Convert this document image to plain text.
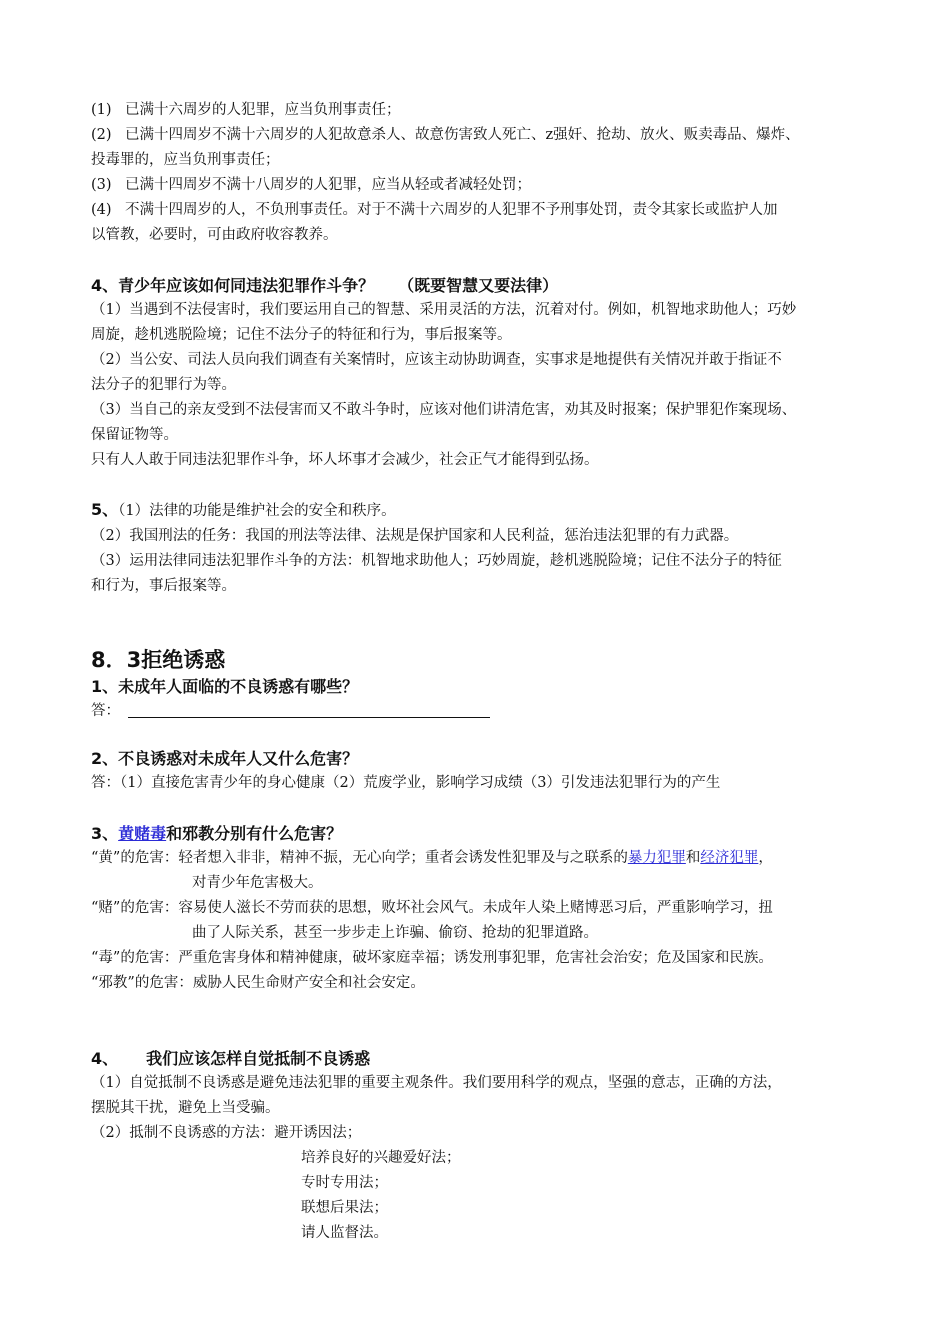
(1) 已满十六周岁的人犯罪，应当负刑事责任；
(2) 已满十四周岁不满十六周岁的人犯故意杀人、故意伤害致人死亡、z强奸、抢劫、放火、贩卖毒品、爆炸、
投毒罪的，应当负刑事责任；
(3) 已满十四周岁不满十八周岁的人犯罪，应当从轻或者减轻处罚；
(4) 不满十四周岁的人，不负刑事责任。对于不满十六周岁的人犯罪不予刑事处罚，责令其家长或监护人加
以管教，必要时，可由政府收容教养。
4、青少年应该如何同违法犯罪作斗争？　　（既要智慧又要法律）
（1）当遇到不法侵害时，我们要运用自己的智慧、采用灵活的方法，沉着对付。例如，机智地求助他人；巧妙
周旋，趁机逃脱险境；记住不法分子的特征和行为，事后报案等。
（2）当公安、司法人员向我们调查有关案情时，应该主动协助调查，实事求是地提供有关情况并敢于指证不
法分子的犯罪行为等。
（3）当自己的亲友受到不法侵害而又不敢斗争时，应该对他们讲清危害，劝其及时报案；保护罪犯作案现场、
保留证物等。
只有人人敢于同违法犯罪作斗争，坏人坏事才会减少，社会正气才能得到弘扬。
5、（1）法律的功能是维护社会的安全和秩序。
（2）我国刑法的任务：我国的刑法等法律、法规是保护国家和人民利益，惩治违法犯罪的有力武器。
（3）运用法律同违法犯罪作斗争的方法：机智地求助他人；巧妙周旋，趁机逃脱险境；记住不法分子的特征
和行为，事后报案等。
8．3拒绝诱惑
1、未成年人面临的不良诱惑有哪些？
答：
2、不良诱惑对未成年人又什么危害？
答：（1）直接危害青少年的身心健康（2）荒废学业，影响学习成绩（3）引发违法犯罪行为的产生
3、黄赌毒和邪教分别有什么危害？
“黄”的危害：轻者想入非非，精神不振，无心向学；重者会诱发性犯罪及与之联系的暴力犯罪和经济犯罪，
对青少年危害极大。
“赌”的危害：容易使人滋长不劳而获的思想，败坏社会风气。未成年人染上赌博恶习后，严重影响学习，扭
曲了人际关系，甚至一步步走上诈骗、偷窃、抢劫的犯罪道路。
“毒”的危害：严重危害身体和精神健康，破坏家庭幸福；诱发刑事犯罪，危害社会治安；危及国家和民族。
“邪教”的危害：威胁人民生命财产安全和社会安定。
4、 我们应该怎样自觉抵制不良诱惑
（1）自觉抵制不良诱惑是避免违法犯罪的重要主观条件。我们要用科学的观点，坚强的意志，正确的方法，
摆脱其干扰，避免上当受骗。
（2）抵制不良诱惑的方法：避开诱因法；
培养良好的兴趣爱好法；
专时专用法；
联想后果法；
请人监督法。
